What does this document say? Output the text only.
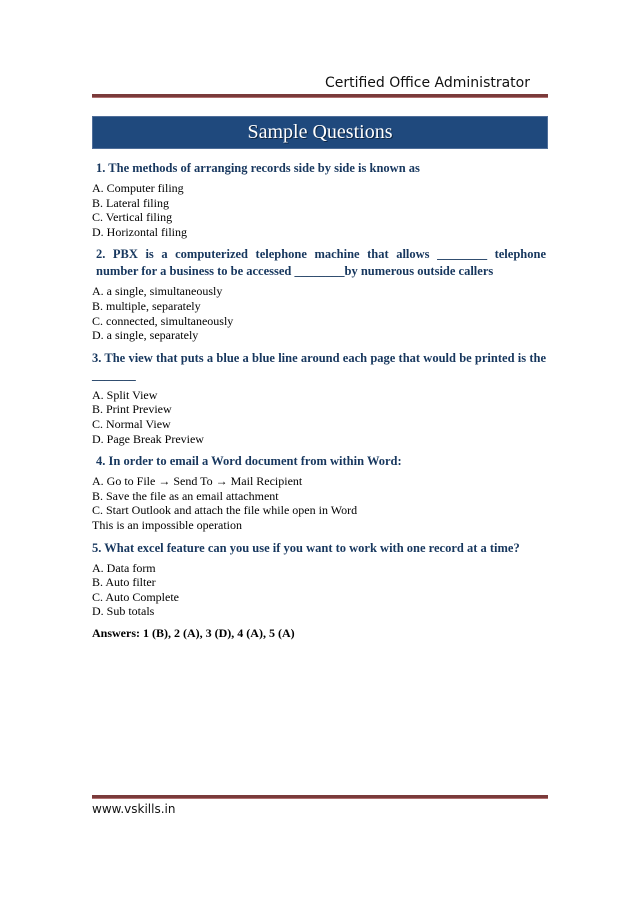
Certified Office Administrator
Sample Questions
1. The methods of arranging records side by side is known as
A. Computer filing
B. Lateral filing
C. Vertical filing
D. Horizontal filing
2. PBX is a computerized telephone machine that allows ________ telephone number for a business to be accessed ________by numerous outside callers
A. a single, simultaneously
B. multiple, separately
C. connected, simultaneously
D. a single, separately
3. The view that puts a blue a blue line around each page that would be printed is the _______
A. Split View
B. Print Preview
C. Normal View
D. Page Break Preview
4. In order to email a Word document from within Word:
A. Go to File → Send To → Mail Recipient
B. Save the file as an email attachment
C. Start Outlook and attach the file while open in Word
This is an impossible operation
5. What excel feature can you use if you want to work with one record at a time?
A. Data form
B. Auto filter
C. Auto Complete
D. Sub totals
Answers: 1 (B), 2 (A), 3 (D), 4 (A), 5 (A)
www.vskills.in
